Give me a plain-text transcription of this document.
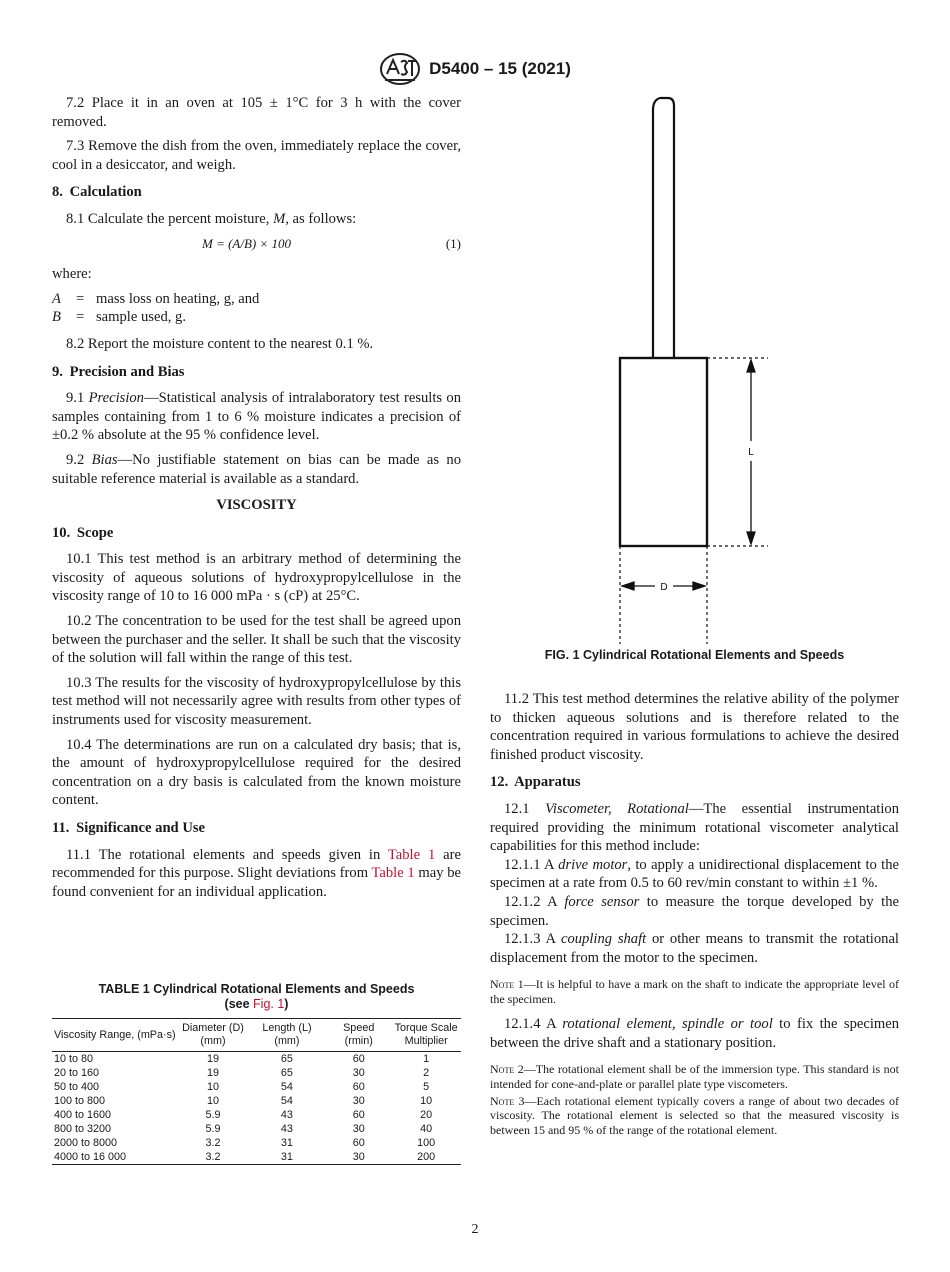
D5400 – 15 (2021)

7.2 Place it in an oven at 105 ± 1°C for 3 h with the cover removed.

7.3 Remove the dish from the oven, immediately replace the cover, cool in a desiccator, and weigh.

8. Calculation

8.1 Calculate the percent moisture, M, as follows:

M = (A/B) × 100	(1)

where:

A	= mass loss on heating, g, and
B	= sample used, g.

8.2 Report the moisture content to the nearest 0.1 %.

9. Precision and Bias

9.1 Precision—Statistical analysis of intralaboratory test results on samples containing from 1 to 6 % moisture indicates a precision of ±0.2 % absolute at the 95 % confidence level.

9.2 Bias—No justifiable statement on bias can be made as no suitable reference material is available as a standard.

VISCOSITY

10. Scope

10.1 This test method is an arbitrary method of determining the viscosity of aqueous solutions of hydroxypropylcellulose in the viscosity range of 10 to 16 000 mPa · s (cP) at 25°C.

10.2 The concentration to be used for the test shall be agreed upon between the purchaser and the seller. It shall be such that the viscosity of the solution will fall within the range of this test.

10.3 The results for the viscosity of hydroxypropylcellulose by this test method will not necessarily agree with results from other types of instruments used for viscosity measurement.

10.4 The determinations are run on a calculated dry basis; that is, the amount of hydroxypropylcellulose required for the desired concentration on a dry basis is calculated from the known moisture content.

11. Significance and Use

11.1 The rotational elements and speeds given in Table 1 are recommended for this purpose. Slight deviations from Table 1 may be found convenient for an individual application.

TABLE 1 Cylindrical Rotational Elements and Speeds
(see Fig. 1)
Viscosity Range, (mPa·s)	Diameter (D) (mm)	Length (L) (mm)	Speed (rmin)	Torque Scale Multiplier
10 to 80	19	65	60	1
20 to 160	19	65	30	2
50 to 400	10	54	60	5
100 to 800	10	54	30	10
400 to 1600	5.9	43	60	20
800 to 3200	5.9	43	30	40
2000 to 8000	3.2	31	60	100
4000 to 16 000	3.2	31	30	200
L
D
FIG. 1 Cylindrical Rotational Elements and Speeds

11.2 This test method determines the relative ability of the polymer to thicken aqueous solutions and is therefore related to the concentration required in various formulations to achieve the desired finished product viscosity.

12. Apparatus

12.1 Viscometer, Rotational—The essential instrumentation required providing the minimum rotational viscometer analytical capabilities for this method include:

12.1.1 A drive motor, to apply a unidirectional displacement to the specimen at a rate from 0.5 to 60 rev/min constant to within ±1 %.

12.1.2 A force sensor to measure the torque developed by the specimen.

12.1.3 A coupling shaft or other means to transmit the rotational displacement from the motor to the specimen.

Note 1—It is helpful to have a mark on the shaft to indicate the appropriate level of the specimen.

12.1.4 A rotational element, spindle or tool to fix the specimen between the drive shaft and a stationary position.

Note 2—The rotational element shall be of the immersion type. This standard is not intended for cone-and-plate or parallel plate type viscometers.

Note 3—Each rotational element typically covers a range of about two decades of viscosity. The rotational element is selected so that the measured viscosity is between 15 and 95 % of the range of the rotational element.

2
